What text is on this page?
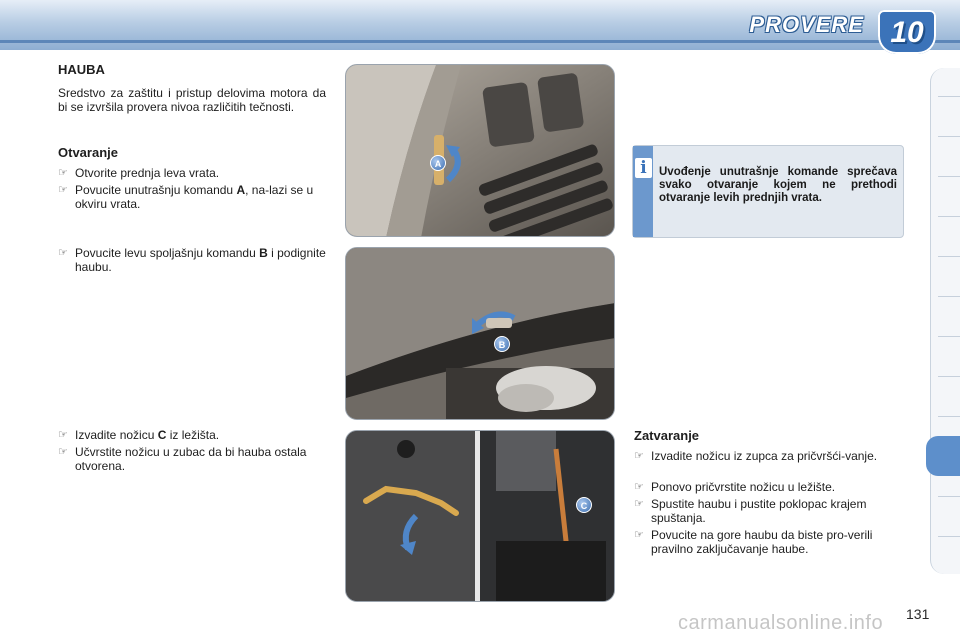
PROVERE 10
HAUBA
Sredstvo za zaštitu i pristup delovima motora da bi se izvršila provera nivoa različitih tečnosti.
Otvaranje
☞ Otvorite prednja leva vrata.
☞ Povucite unutrašnju komandu A, na-lazi se u okviru vrata.
☞ Povucite levu spoljašnju komandu B i podignite haubu.
☞ Izvadite nožicu C iz ležišta.
☞ Učvrstite nožicu u zubac da bi hauba ostala otvorena.
A
B
C
i	Uvođenje unutrašnje komande sprečava svako otvaranje kojem ne prethodi otvaranje levih prednjih vrata.
Zatvaranje
☞ Izvadite nožicu iz zupca za pričvršći-vanje.
☞ Ponovo pričvrstite nožicu u ležište.
☞ Spustite haubu i pustite poklopac krajem spuštanja.
☞ Povucite na gore haubu da biste pro-verili pravilno zaključavanje haube.
carmanualsonline.info 131
